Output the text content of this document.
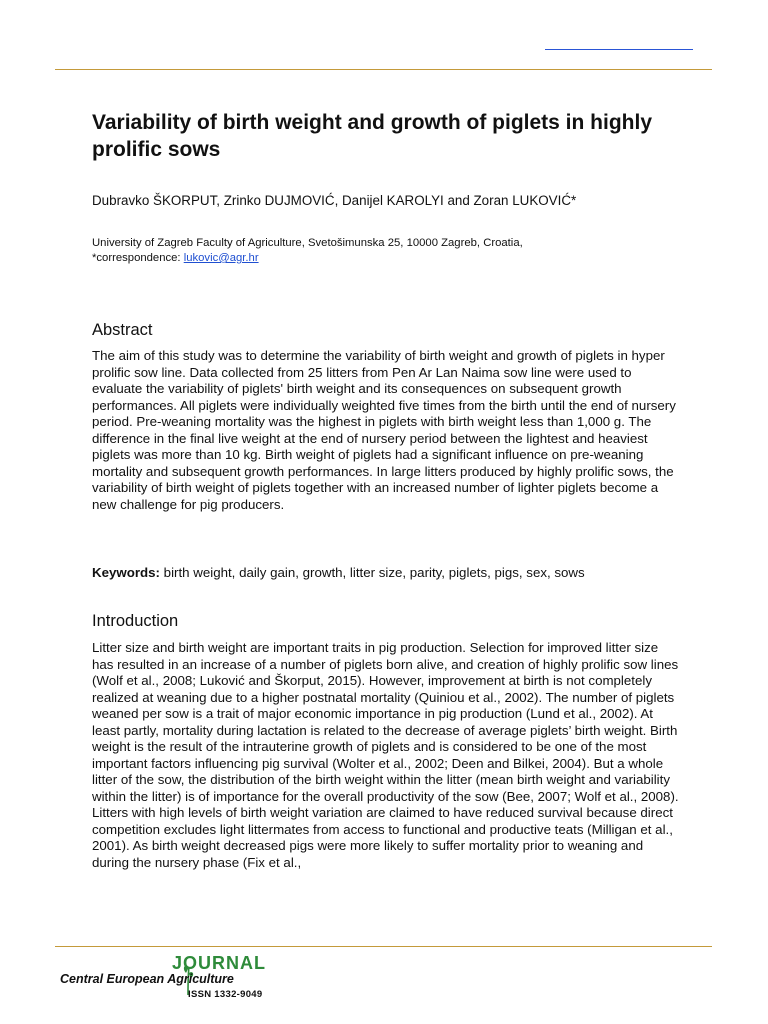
Variability of birth weight and growth of piglets in highly prolific sows
Dubravko ŠKORPUT, Zrinko DUJMOVIĆ, Danijel KAROLYI and Zoran LUKOVIĆ*
University of Zagreb Faculty of Agriculture, Svetošimunska 25, 10000 Zagreb, Croatia,
*correspondence: lukovic@agr.hr
Abstract

The aim of this study was to determine the variability of birth weight and growth of piglets in hyper prolific sow line. Data collected from 25 litters from Pen Ar Lan Naima sow line were used to evaluate the variability of piglets' birth weight and its consequences on subsequent growth performances. All piglets were individually weighted five times from the birth until the end of nursery period. Pre-weaning mortality was the highest in piglets with birth weight less than 1,000 g. The difference in the final live weight at the end of nursery period between the lightest and heaviest piglets was more than 10 kg. Birth weight of piglets had a significant influence on pre-weaning mortality and subsequent growth performances. In large litters produced by highly prolific sows, the variability of birth weight of piglets together with an increased number of lighter piglets become a new challenge for pig producers.

Keywords: birth weight, daily gain, growth, litter size, parity, piglets, pigs, sex, sows

Introduction

Litter size and birth weight are important traits in pig production. Selection for improved litter size has resulted in an increase of a number of piglets born alive, and creation of highly prolific sow lines (Wolf et al., 2008; Luković and Škorput, 2015). However, improvement at birth is not completely realized at weaning due to a higher postnatal mortality (Quiniou et al., 2002). The number of piglets weaned per sow is a trait of major economic importance in pig production (Lund et al., 2002). At least partly, mortality during lactation is related to the decrease of average piglets’ birth weight. Birth weight is the result of the intrauterine growth of piglets and is considered to be one of the most important factors influencing pig survival (Wolter et al., 2002; Deen and Bilkei, 2004). But a whole litter of the sow, the distribution of the birth weight within the litter (mean birth weight and variability within the litter) is of importance for the overall productivity of the sow (Bee, 2007; Wolf et al., 2008). Litters with high levels of birth weight variation are claimed to have reduced survival because direct competition excludes light littermates from access to functional and productive teats (Milligan et al., 2001). As birth weight decreased pigs were more likely to suffer mortality prior to weaning and during the nursery phase (Fix et al.,

JOURNAL
Central European Agriculture
ISSN 1332-9049
